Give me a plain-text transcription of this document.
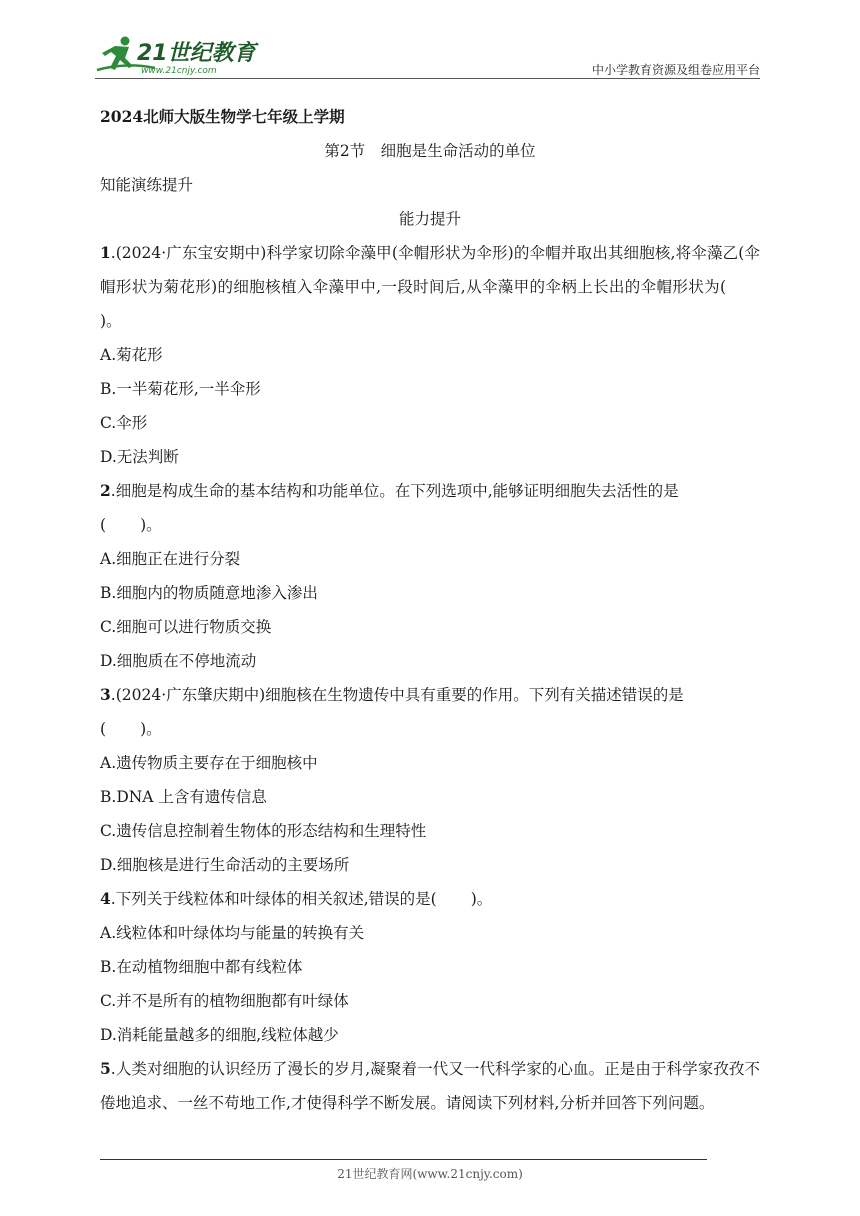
21世纪教育
www.21cnjy.com	中小学教育资源及组卷应用平台
2024北师大版生物学七年级上学期
第2节　细胞是生命活动的单位
知能演练提升
能力提升
1.(2024·广东宝安期中)科学家切除伞藻甲(伞帽形状为伞形)的伞帽并取出其细胞核,将伞藻乙(伞帽形状为菊花形)的细胞核植入伞藻甲中,一段时间后,从伞藻甲的伞柄上长出的伞帽形状为()。
A.菊花形
B.一半菊花形,一半伞形
C.伞形
D.无法判断
2.细胞是构成生命的基本结构和功能单位。在下列选项中,能够证明细胞失去活性的是
( )。
A.细胞正在进行分裂
B.细胞内的物质随意地渗入渗出
C.细胞可以进行物质交换
D.细胞质在不停地流动
3.(2024·广东肇庆期中)细胞核在生物遗传中具有重要的作用。下列有关描述错误的是
( )。
A.遗传物质主要存在于细胞核中
B.DNA 上含有遗传信息
C.遗传信息控制着生物体的形态结构和生理特性
D.细胞核是进行生命活动的主要场所
4.下列关于线粒体和叶绿体的相关叙述,错误的是( )。
A.线粒体和叶绿体均与能量的转换有关
B.在动植物细胞中都有线粒体
C.并不是所有的植物细胞都有叶绿体
D.消耗能量越多的细胞,线粒体越少
5.人类对细胞的认识经历了漫长的岁月,凝聚着一代又一代科学家的心血。正是由于科学家孜孜不倦地追求、一丝不苟地工作,才使得科学不断发展。请阅读下列材料,分析并回答下列问题。
21世纪教育网(www.21cnjy.com)
